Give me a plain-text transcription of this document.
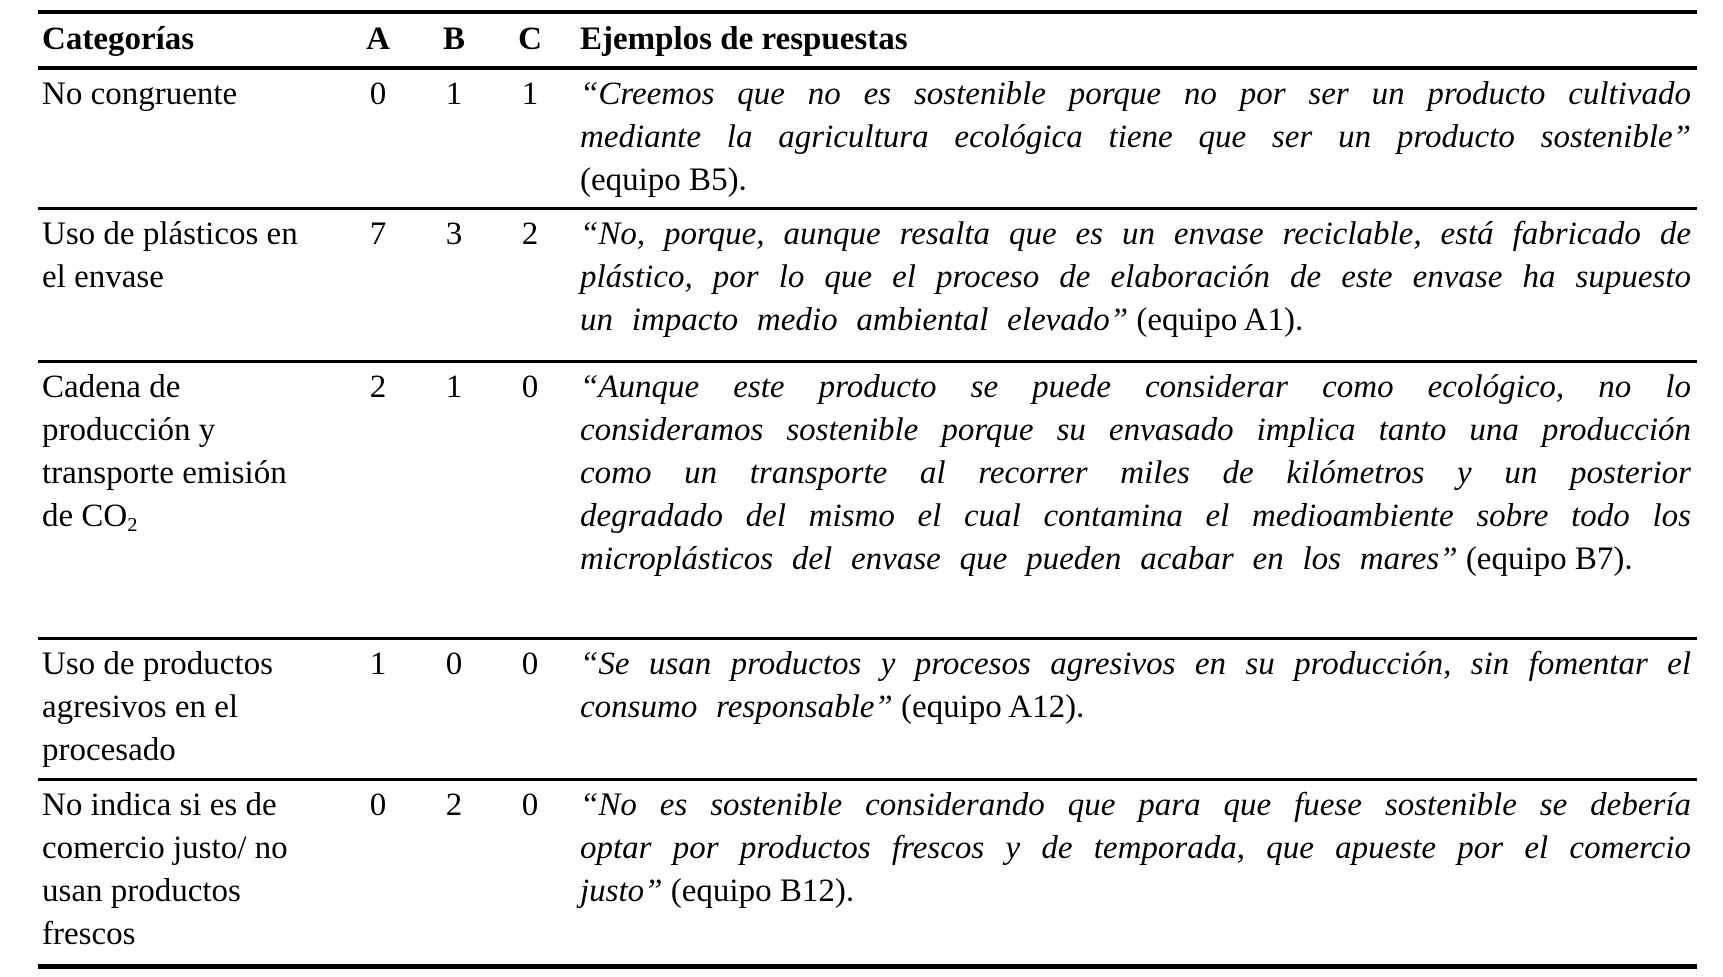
Categorías	A	B	C	Ejemplos de respuestas
No congruente	0	1	1	“Creemos que no es sostenible porque no por ser un producto cultivado mediante la agricultura ecológica tiene que ser un producto sostenible” (equipo B5).
Uso de plásticos en el envase	7	3	2	“No, porque, aunque resalta que es un envase reciclable, está fabricado de plástico, por lo que el proceso de elaboración de este envase ha supuesto un impacto medio ambiental elevado” (equipo A1).
Cadena de producción y transporte emisión de $CO_2$	2	1	0	“Aunque este producto se puede considerar como ecológico, no lo consideramos sostenible porque su envasado implica tanto una producción como un transporte al recorrer miles de kilómetros y un posterior degradado del mismo el cual contamina el medioambiente sobre todo los microplásticos del envase que pueden acabar en los mares” (equipo B7).
Uso de productos agresivos en el procesado	1	0	0	“Se usan productos y procesos agresivos en su producción, sin fomentar el consumo responsable” (equipo A12).
No indica si es de comercio justo/ no usan productos frescos	0	2	0	“No es sostenible considerando que para que fuese sostenible se debería optar por productos frescos y de temporada, que apueste por el comercio justo” (equipo B12).
